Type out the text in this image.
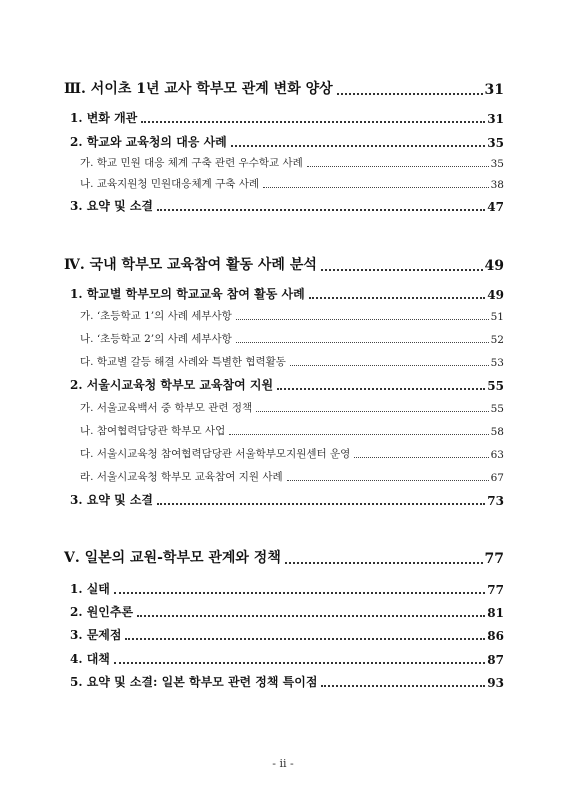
Ⅲ. 서이초 1년 교사 학부모 관계 변화 양상	31
1. 변화 개관	31
2. 학교와 교육청의 대응 사례	35
가. 학교 민원 대응 체계 구축 관련 우수학교 사례	35
나. 교육지원청 민원대응체계 구축 사례	38
3. 요약 및 소결	47
Ⅳ. 국내 학부모 교육참여 활동 사례 분석	49
1. 학교별 학부모의 학교교육 참여 활동 사례	49
가. ‘초등학교 1’의 사례 세부사항	51
나. ‘초등학교 2’의 사례 세부사항	52
다. 학교별 갈등 해결 사례와 특별한 협력활동	53
2. 서울시교육청 학부모 교육참여 지원	55
가. 서울교육백서 중 학부모 관련 정책	55
나. 참여협력담당관 학부모 사업	58
다. 서울시교육청 참여협력담당관 서울학부모지원센터 운영	63
라. 서울시교육청 학부모 교육참여 지원 사례	67
3. 요약 및 소결	73
Ⅴ. 일본의 교원-학부모 관계와 정책	77
1. 실태	77
2. 원인추론	81
3. 문제점	86
4. 대책	87
5. 요약 및 소결: 일본 학부모 관련 정책 특이점	93
- ii -
